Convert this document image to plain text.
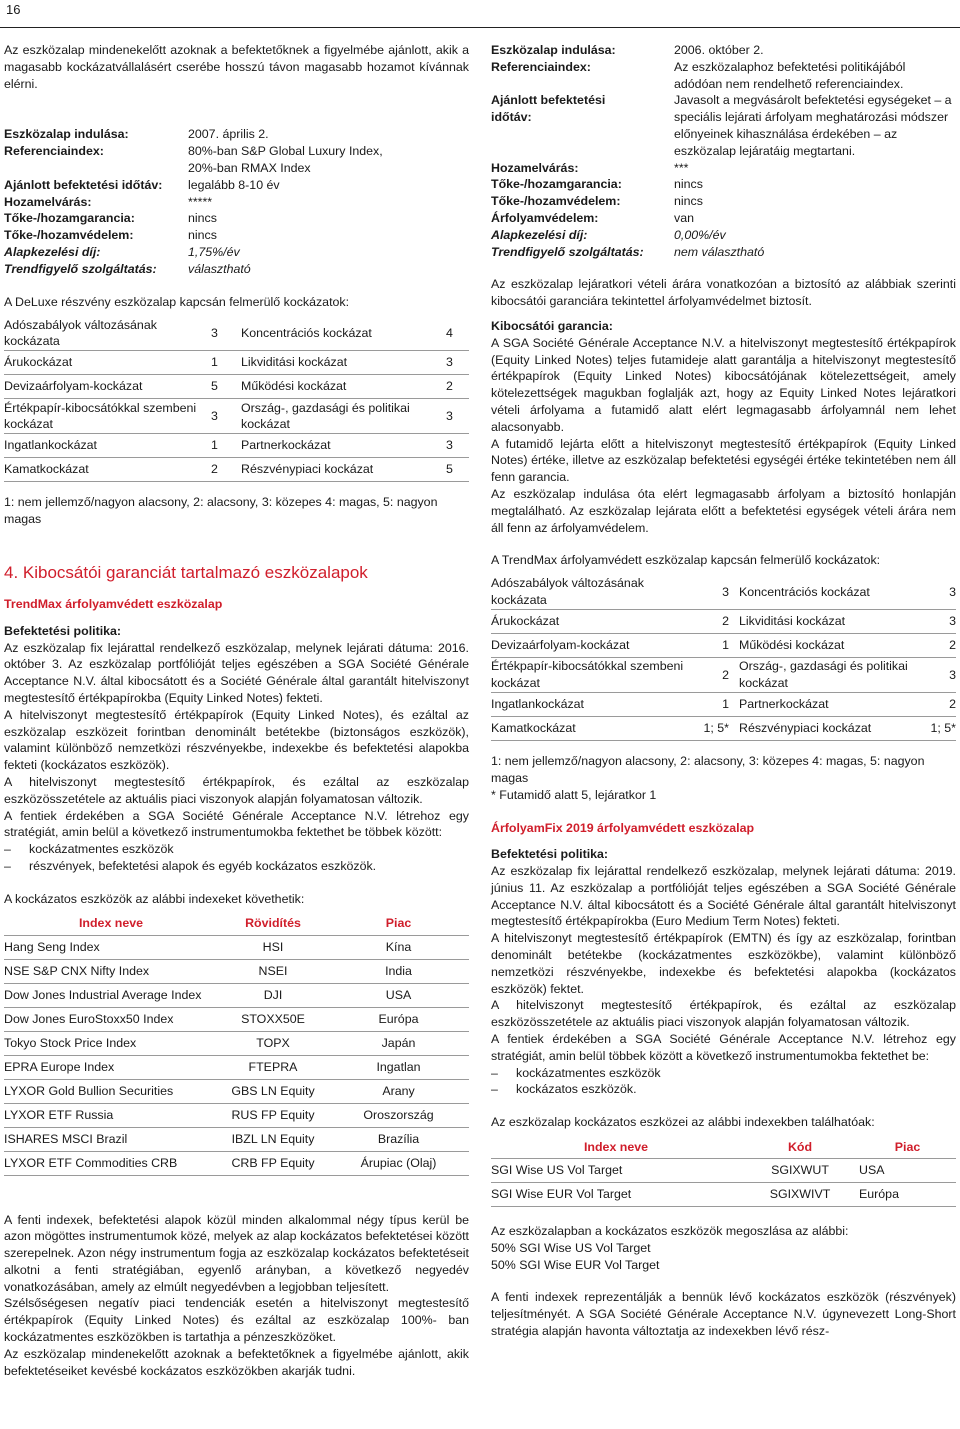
16

Az eszközalap mindenekelőtt azoknak a befektetőknek a figyelmébe ajánlott, akik a magasabb kockázatvállalásért cserébe hosszú távon magasabb hozamot kívánnak elérni.

Eszközalap indulása:	2007. április 2.
Referenciaindex:	80%-ban S&P Global Luxury Index,
20%-ban RMAX Index
Ajánlott befektetési időtáv:	legalább 8-10 év
Hozamelvárás:	*****
Tőke-/hozamgarancia:	nincs
Tőke-/hozamvédelem:	nincs
Alapkezelési díj:	1,75%/év
Trendfigyelő szolgáltatás:	választható

A DeLuxe részvény eszközalap kapcsán felmerülő kockázatok:

Adószabályok változásának kockázata	3	Koncentrációs kockázat	4
Árukockázat	1	Likviditási kockázat	3
Devizaárfolyam-kockázat	5	Működési kockázat	2
Értékpapír-kibocsátókkal szembeni kockázat	3	Ország-, gazdasági és politikai kockázat	3
Ingatlankockázat	1	Partnerkockázat	3
Kamatkockázat	2	Részvénypiaci kockázat	5

1: nem jellemző/nagyon alacsony, 2: alacsony, 3: közepes 4: magas, 5: nagyon magas

4. Kibocsátói garanciát tartalmazó eszközalapok

TrendMax árfolyamvédett eszközalap

Befektetési politika:

Az eszközalap fix lejárattal rendelkező eszközalap, melynek lejárati dátuma: 2016. október 3. Az eszközalap portfólióját teljes egészében a SGA Société Générale Acceptance N.V. által kibocsátott és a Société Générale által garantált hitelviszonyt megtestesítő értékpapírokba (Equity Linked Notes) fekteti.

A hitelviszonyt megtestesítő értékpapírok (Equity Linked Notes), és ezáltal az eszközalap eszközeit forintban denominált betétekbe (biztonságos eszközök), valamint különböző nemzetközi részvényekbe, indexekbe és befektetési alapokba fekteti (kockázatos eszközök).

A hitelviszonyt megtestesítő értékpapírok, és ezáltal az eszközalap eszközösszetétele az aktuális piaci viszonyok alapján folyamatosan változik.

A fentiek érdekében a SGA Société Générale Acceptance N.V. létrehoz egy stratégiát, amin belül a következő instrumentumokba fektethet be többek között:

– kockázatmentes eszközök
– részvények, befektetési alapok és egyéb kockázatos eszközök.

A kockázatos eszközök az alábbi indexeket követhetik:

Index neve	Rövidítés	Piac
Hang Seng Index	HSI	Kína
NSE S&P CNX Nifty Index	NSEI	India
Dow Jones Industrial Average Index	DJI	USA
Dow Jones EuroStoxx50 Index	STOXX50E	Európa
Tokyo Stock Price Index	TOPX	Japán
EPRA Europe Index	FTEPRA	Ingatlan
LYXOR Gold Bullion Securities	GBS LN Equity	Arany
LYXOR ETF Russia	RUS FP Equity	Oroszország
ISHARES MSCI Brazil	IBZL LN Equity	Brazília
LYXOR ETF Commodities CRB	CRB FP Equity	Árupiac (Olaj)

A fenti indexek, befektetési alapok közül minden alkalommal négy típus kerül be azon mögöttes instrumentumok közé, melyek az alap kockázatos befektetései között szerepelnek. Azon négy instrumentum fogja az eszközalap kockázatos befektetéseit alkotni a fenti stratégiában, egyenlő arányban, a következő negyedév vonatkozásában, amely az elmúlt negyedévben a legjobban teljesített.

Szélsőségesen negatív piaci tendenciák esetén a hitelviszonyt megtestesítő értékpapírok (Equity Linked Notes) és ezáltal az eszközalap 100%- ban kockázatmentes eszközökben is tartathja a pénzeszközöket.

Az eszközalap mindenekelőtt azoknak a befektetőknek a figyelmébe ajánlott, akik befektetéseiket kevésbé kockázatos eszközökben akarják tudni.

Eszközalap indulása:	2006. október 2.
Referenciaindex:	Az eszközalaphoz befektetési politikájából adódóan nem rendelhető referenciaindex.
Ajánlott befektetési
időtáv:
Javasolt a megvásárolt befektetési egységeket – a speciális lejárati árfolyam meghatározási módszer előnyeinek kihasználása érdekében – az eszközalap lejáratáig megtartani.
Hozamelvárás:	***
Tőke-/hozamgarancia:	nincs
Tőke-/hozamvédelem:	nincs
Árfolyamvédelem:	van
Alapkezelési díj:	0,00%/év
Trendfigyelő szolgáltatás:	nem választható

Az eszközalap lejáratkori vételi árára vonatkozóan a biztosító az alábbiak szerinti kibocsátói garanciára tekintettel árfolyamvédelmet biztosít.

Kibocsátói garancia:

A SGA Société Générale Acceptance N.V. a hitelviszonyt megtestesítő értékpapírok (Equity Linked Notes) teljes futamideje alatt garantálja a hitelviszonyt megtestesítő értékpapírok (Equity Linked Notes) kibocsátójának kötelezettségeit, amely kötelezettségek magukban foglalják azt, hogy az Equity Linked Notes lejáratkori vételi árfolyama a futamidő alatt elért legmagasabb árfolyamnál nem lehet alacsonyabb.

A futamidő lejárta előtt a hitelviszonyt megtestesítő értékpapírok (Equity Linked Notes) értéke, illetve az eszközalap befektetési egységéi értéke tekintetében nem áll fenn garancia.

Az eszközalap indulása óta elért legmagasabb árfolyam a biztosító honlapján megtalálható. Az eszközalap lejárata előtt a befektetési egységek vételi árára nem áll fenn az árfolyamvédelem.

A TrendMax árfolyamvédett eszközalap kapcsán felmerülő kockázatok:

Adószabályok változásának kockázata	3	Koncentrációs kockázat	3
Árukockázat	2	Likviditási kockázat	3
Devizaárfolyam-kockázat	1	Működési kockázat	2
Értékpapír-kibocsátókkal szembeni kockázat	2	Ország-, gazdasági és politikai kockázat	3
Ingatlankockázat	1	Partnerkockázat	2
Kamatkockázat	1; 5*	Részvénypiaci kockázat	1; 5*

1: nem jellemző/nagyon alacsony, 2: alacsony, 3: közepes 4: magas, 5: nagyon magas

* Futamidő alatt 5, lejáratkor 1

ÁrfolyamFix 2019 árfolyamvédett eszközalap

Befektetési politika:

Az eszközalap fix lejárattal rendelkező eszközalap, melynek lejárati dátuma: 2019. június 11. Az eszközalap a portfólióját teljes egészében a SGA Société Générale Acceptance N.V. által kibocsátott és a Société Générale által garantált hitelviszonyt megtestesítő értékpapírokba (Euro Medium Term Notes) fekteti.

A hitelviszonyt megtestesítő értékpapírok (EMTN) és így az eszközalap, forintban denominált betétekbe (kockázatmentes eszközökbe), valamint különböző nemzetközi részvényekbe, indexekbe és befektetési alapokba (kockázatos eszközök) fektet.

A hitelviszonyt megtestesítő értékpapírok, és ezáltal az eszközalap eszközösszetétele az aktuális piaci viszonyok alapján folyamatosan változik.

A fentiek érdekében a SGA Société Générale Acceptance N.V. létrehoz egy stratégiát, amin belül többek között a következő instrumentumokba fektethet be:

– kockázatmentes eszközök
– kockázatos eszközök.

Az eszközalap kockázatos eszközei az alábbi indexekben találhatóak:

Index neve	Kód	Piac
SGI Wise US Vol Target	SGIXWUT	USA
SGI Wise EUR Vol Target	SGIXWIVT	Európa

Az eszközalapban a kockázatos eszközök megoszlása az alábbi:

50% SGI Wise US Vol Target

50% SGI Wise EUR Vol Target

A fenti indexek reprezentálják a bennük lévő kockázatos eszközök (részvények) teljesítményét. A SGA Société Générale Acceptance N.V. úgynevezett Long-Short stratégia alapján havonta változtatja az indexekben lévő rész-
